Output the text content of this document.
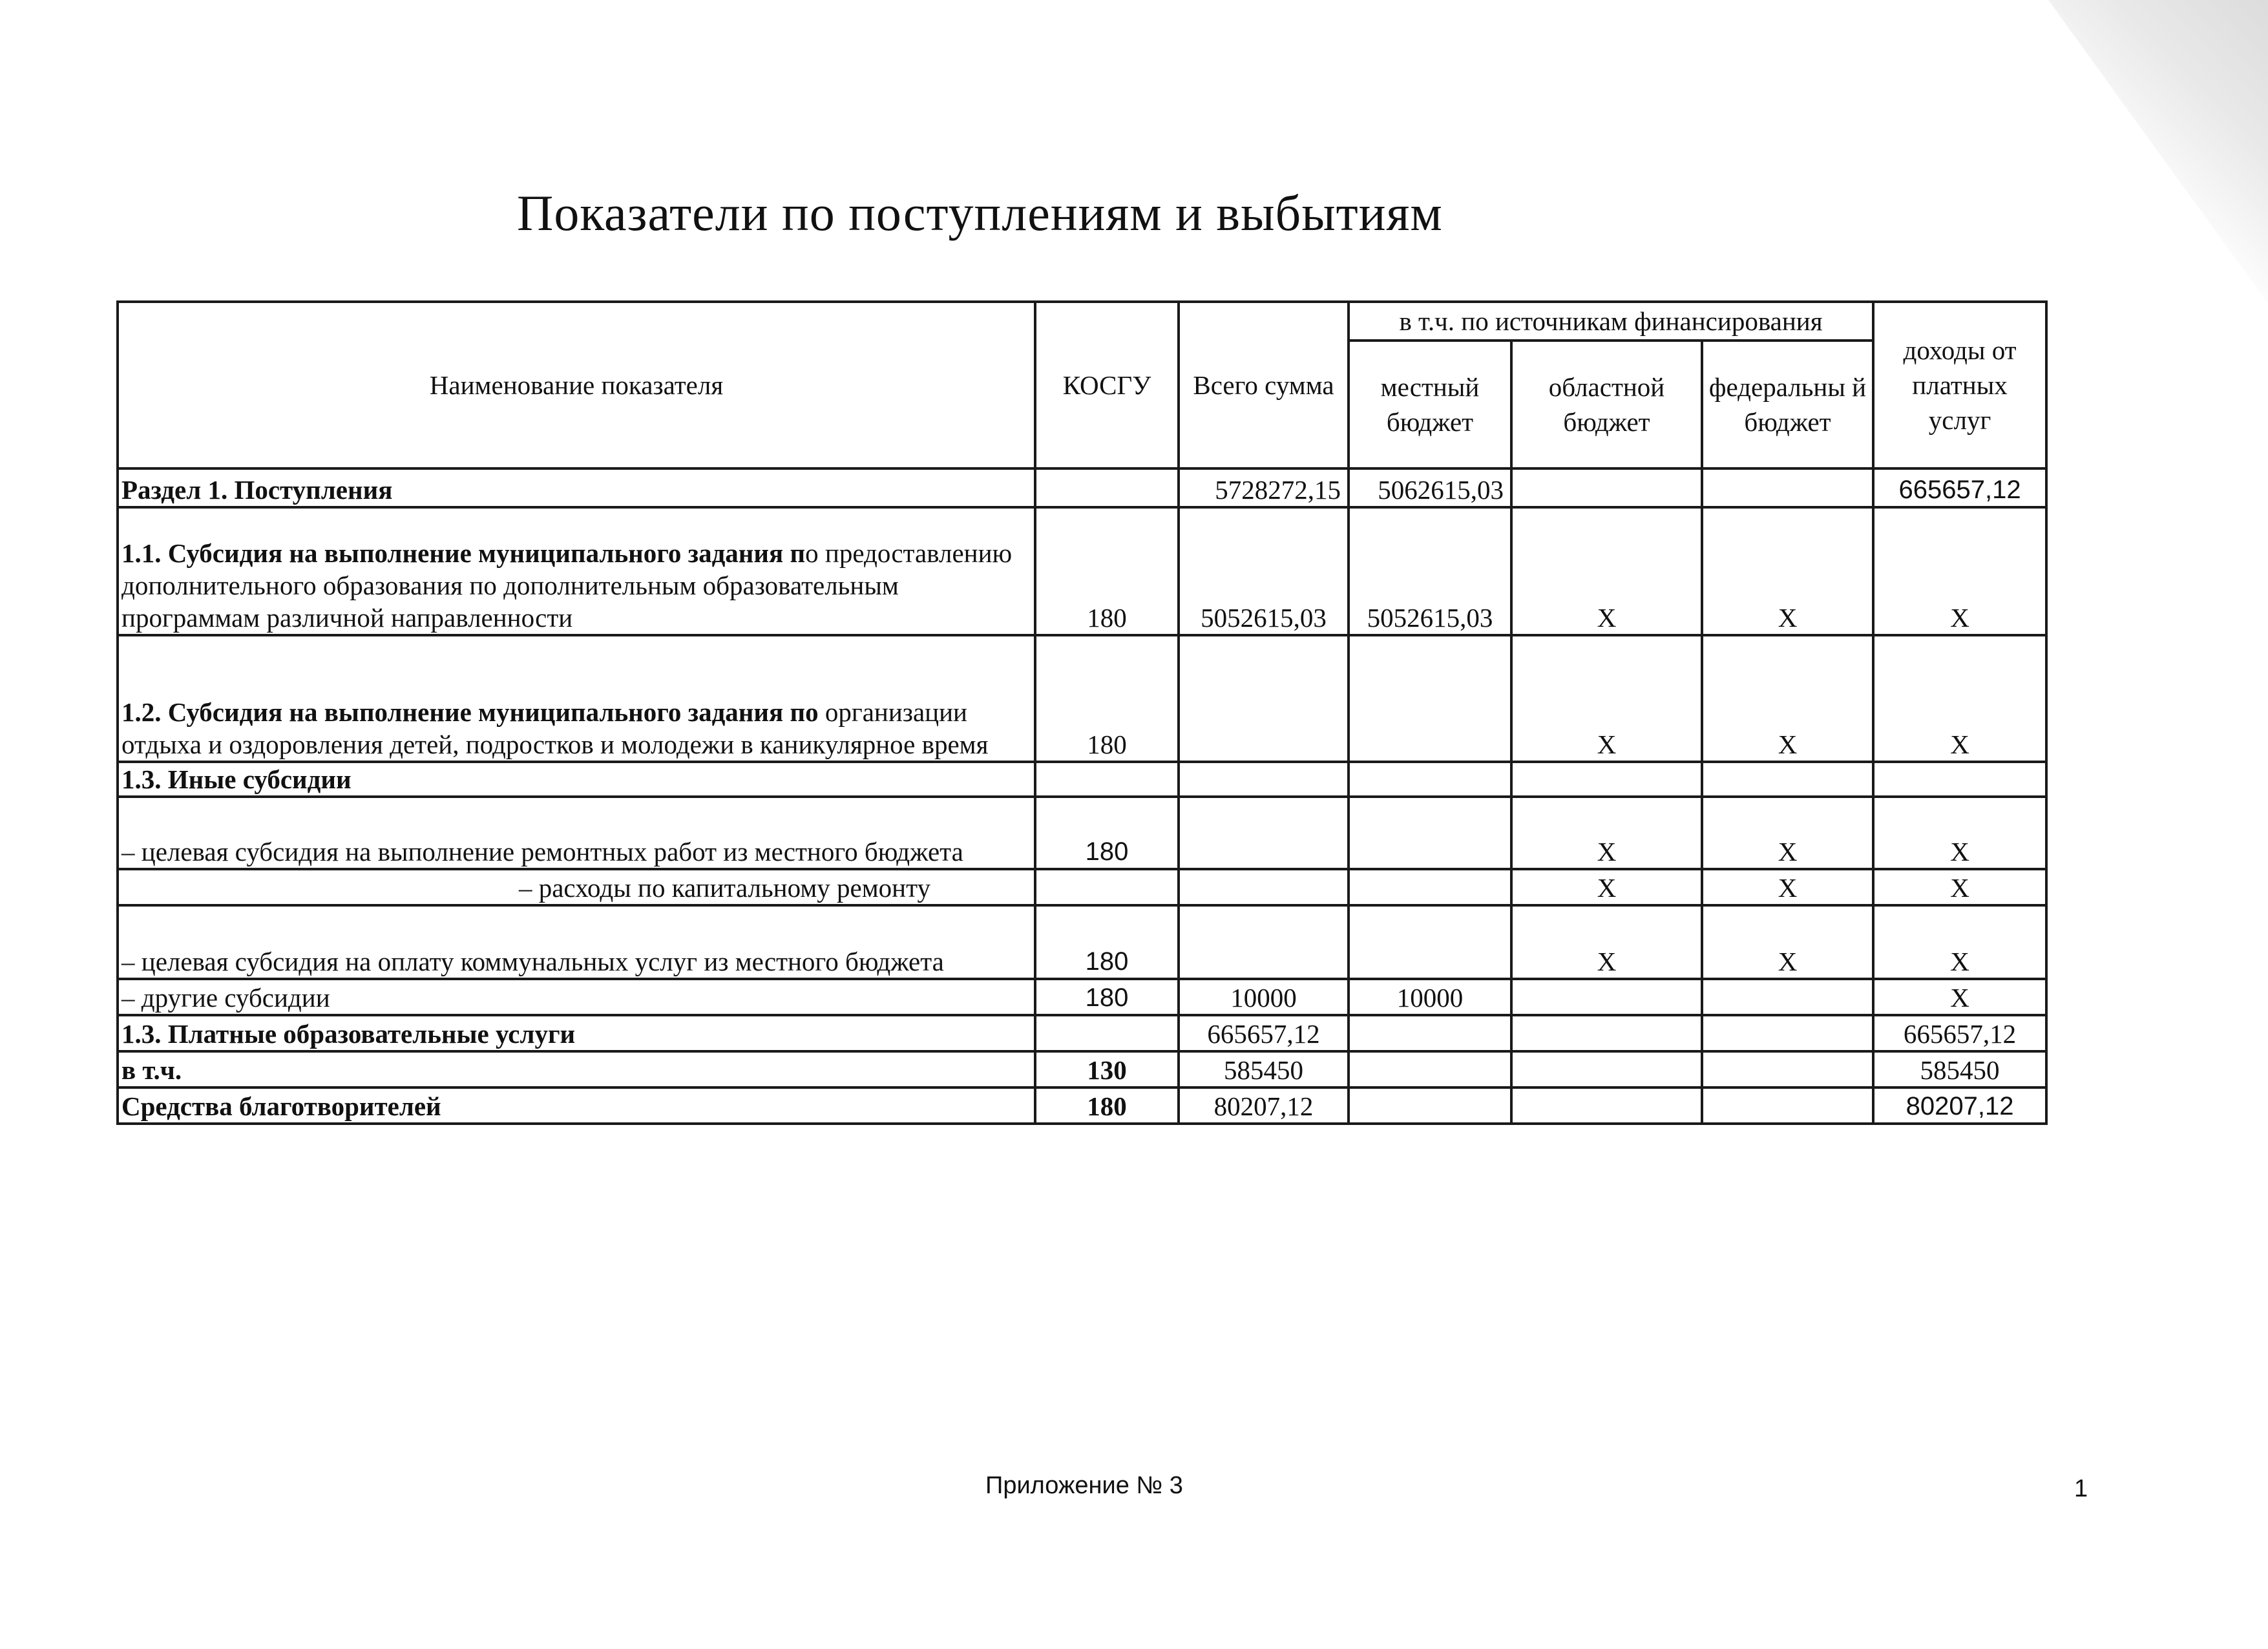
Показатели по поступлениям и выбытиям
Наименование показателя	КОСГУ	Всего сумма	в т.ч. по источникам финансирования			доходы от платных услуг
			местный бюджет	областной бюджет	федеральны й бюджет	
Раздел 1. Поступления		5728272,15	5062615,03			665657,12
1.1. Субсидия на выполнение муниципального задания по предоставлению дополнительного образования по дополнительным образовательным программам различной направленности	180	5052615,03	5052615,03	Х	Х	Х
1.2. Субсидия на выполнение муниципального задания по организации отдыха и оздоровления детей, подростков и молодежи в каникулярное время	180			Х	Х	Х
1.3. Иные субсидии						
– целевая субсидия на выполнение ремонтных работ из местного бюджета	180			Х	Х	Х
– расходы по капитальному ремонту				Х	Х	Х
– целевая субсидия на оплату коммунальных услуг из местного бюджета	180			Х	Х	Х
– другие субсидии	180	10000	10000			Х
1.3. Платные образовательные услуги		665657,12				665657,12
в т.ч.	130	585450				585450
Средства благотворителей	180	80207,12				80207,12
Приложение № 3	1
